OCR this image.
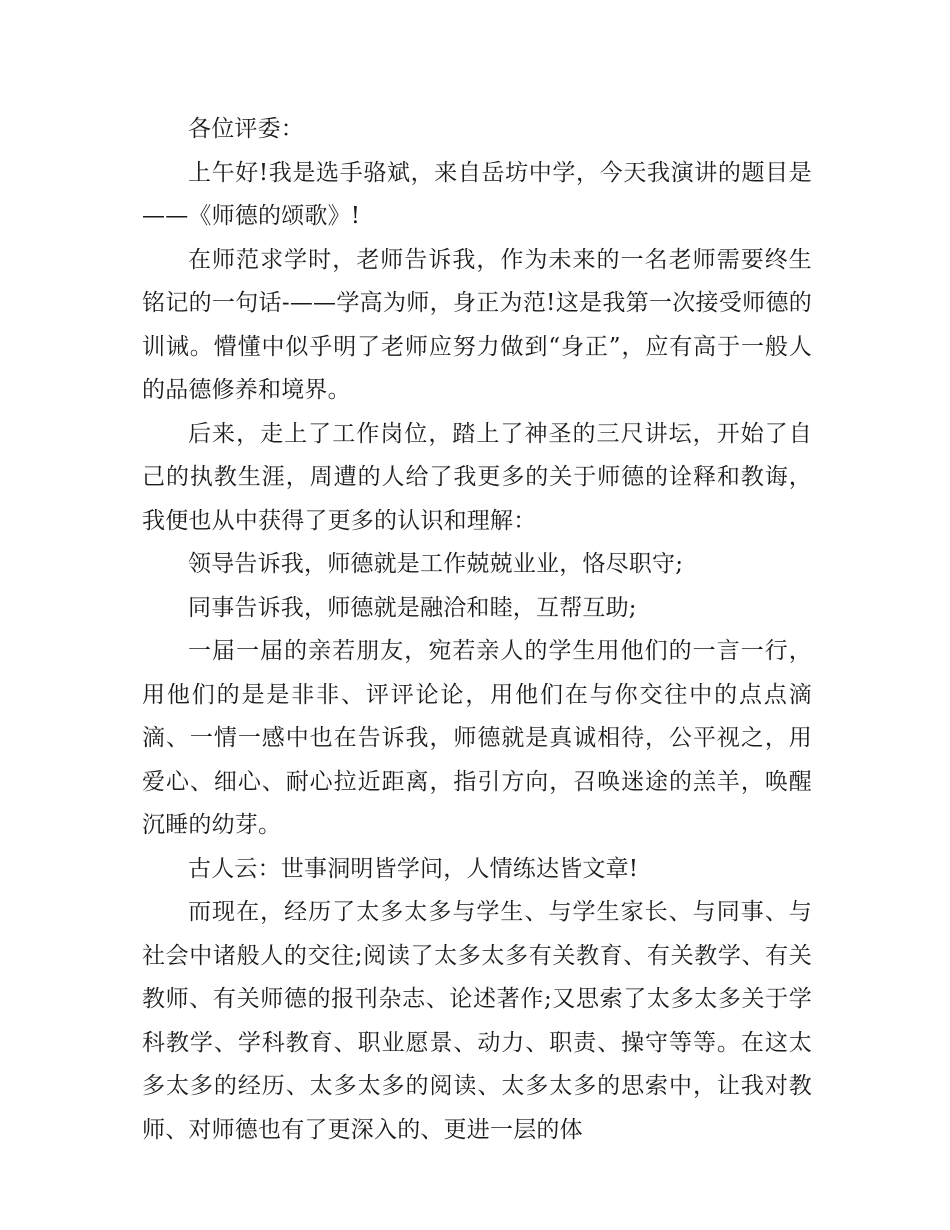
各位评委：

上午好!我是选手骆斌，来自岳坊中学，今天我演讲的题目是——《师德的颂歌》!

在师范求学时，老师告诉我，作为未来的一名老师需要终生铭记的一句话-——学高为师，身正为范!这是我第一次接受师德的训诫。懵懂中似乎明了老师应努力做到“身正”，应有高于一般人的品德修养和境界。

后来，走上了工作岗位，踏上了神圣的三尺讲坛，开始了自己的执教生涯，周遭的人给了我更多的关于师德的诠释和教诲，我便也从中获得了更多的认识和理解：

领导告诉我，师德就是工作兢兢业业，恪尽职守;

同事告诉我，师德就是融洽和睦，互帮互助;

一届一届的亲若朋友，宛若亲人的学生用他们的一言一行，用他们的是是非非、评评论论，用他们在与你交往中的点点滴滴、一情一感中也在告诉我，师德就是真诚相待，公平视之，用爱心、细心、耐心拉近距离，指引方向，召唤迷途的羔羊，唤醒沉睡的幼芽。

古人云：世事洞明皆学问，人情练达皆文章!

而现在，经历了太多太多与学生、与学生家长、与同事、与社会中诸般人的交往;阅读了太多太多有关教育、有关教学、有关教师、有关师德的报刊杂志、论述著作;又思索了太多太多关于学科教学、学科教育、职业愿景、动力、职责、操守等等。在这太多太多的经历、太多太多的阅读、太多太多的思索中，让我对教师、对师德也有了更深入的、更进一层的体
